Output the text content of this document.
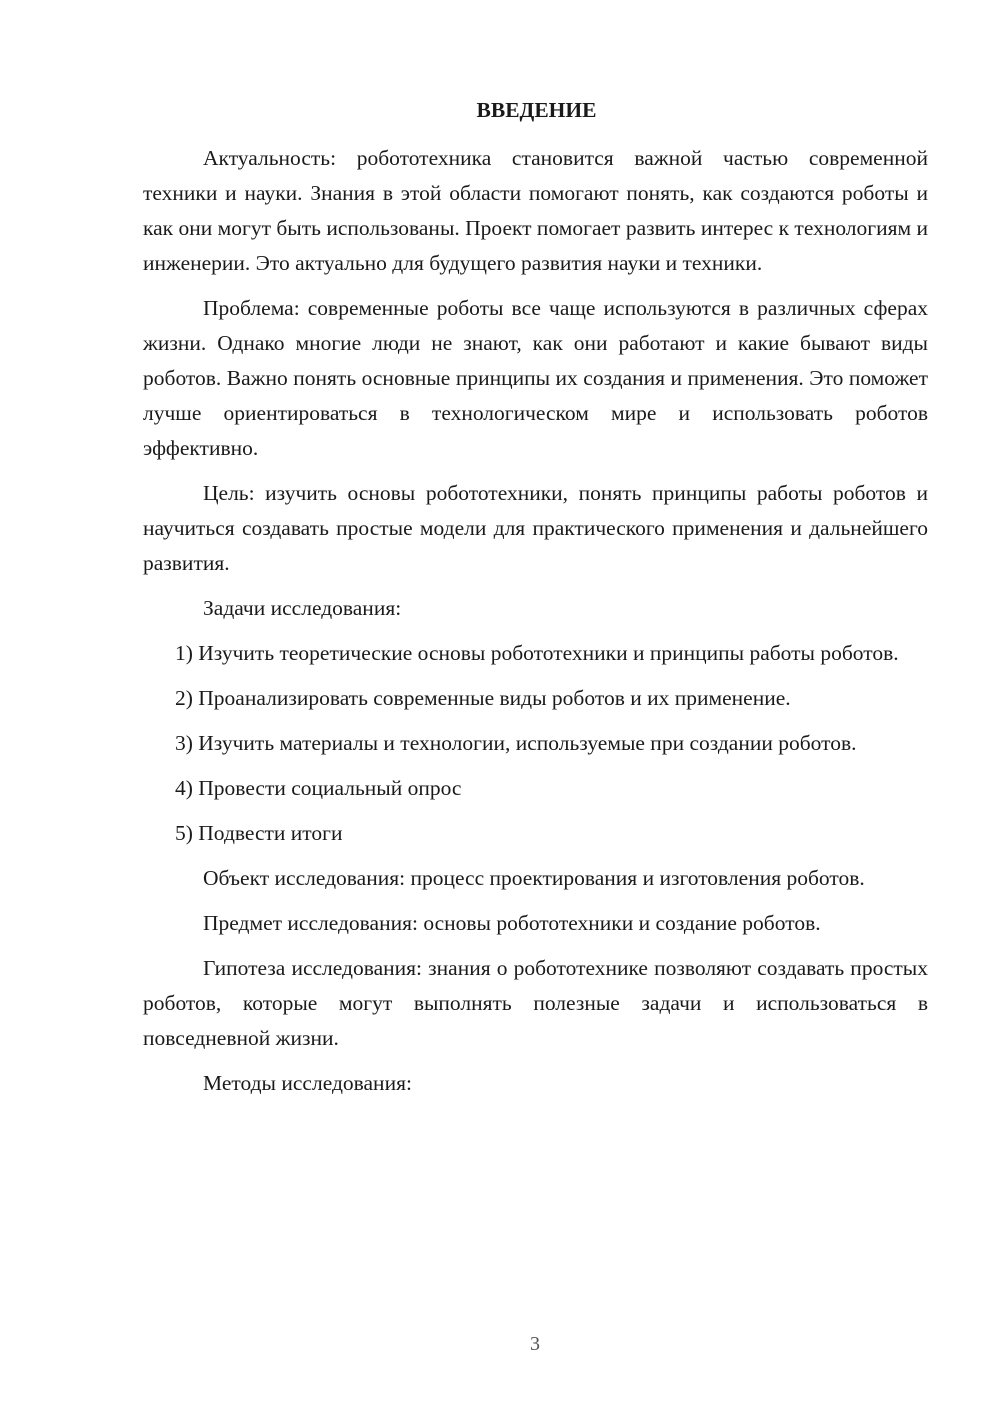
ВВЕДЕНИЕ

Актуальность: робототехника становится важной частью современной техники и науки. Знания в этой области помогают понять, как создаются роботы и как они могут быть использованы. Проект помогает развить интерес к технологиям и инженерии. Это актуально для будущего развития науки и техники.

Проблема: современные роботы все чаще используются в различных сферах жизни. Однако многие люди не знают, как они работают и какие бывают виды роботов. Важно понять основные принципы их создания и применения. Это поможет лучше ориентироваться в технологическом мире и использовать роботов эффективно.

Цель: изучить основы робототехники, понять принципы работы роботов и научиться создавать простые модели для практического применения и дальнейшего развития.

Задачи исследования:

1) Изучить теоретические основы робототехники и принципы работы роботов.

2) Проанализировать современные виды роботов и их применение.

3) Изучить материалы и технологии, используемые при создании роботов.

4) Провести социальный опрос

5) Подвести итоги

Объект исследования: процесс проектирования и изготовления роботов.

Предмет исследования: основы робототехники и создание роботов.

Гипотеза исследования: знания о робототехнике позволяют создавать простых роботов, которые могут выполнять полезные задачи и использоваться в повседневной жизни.

Методы исследования:

3
